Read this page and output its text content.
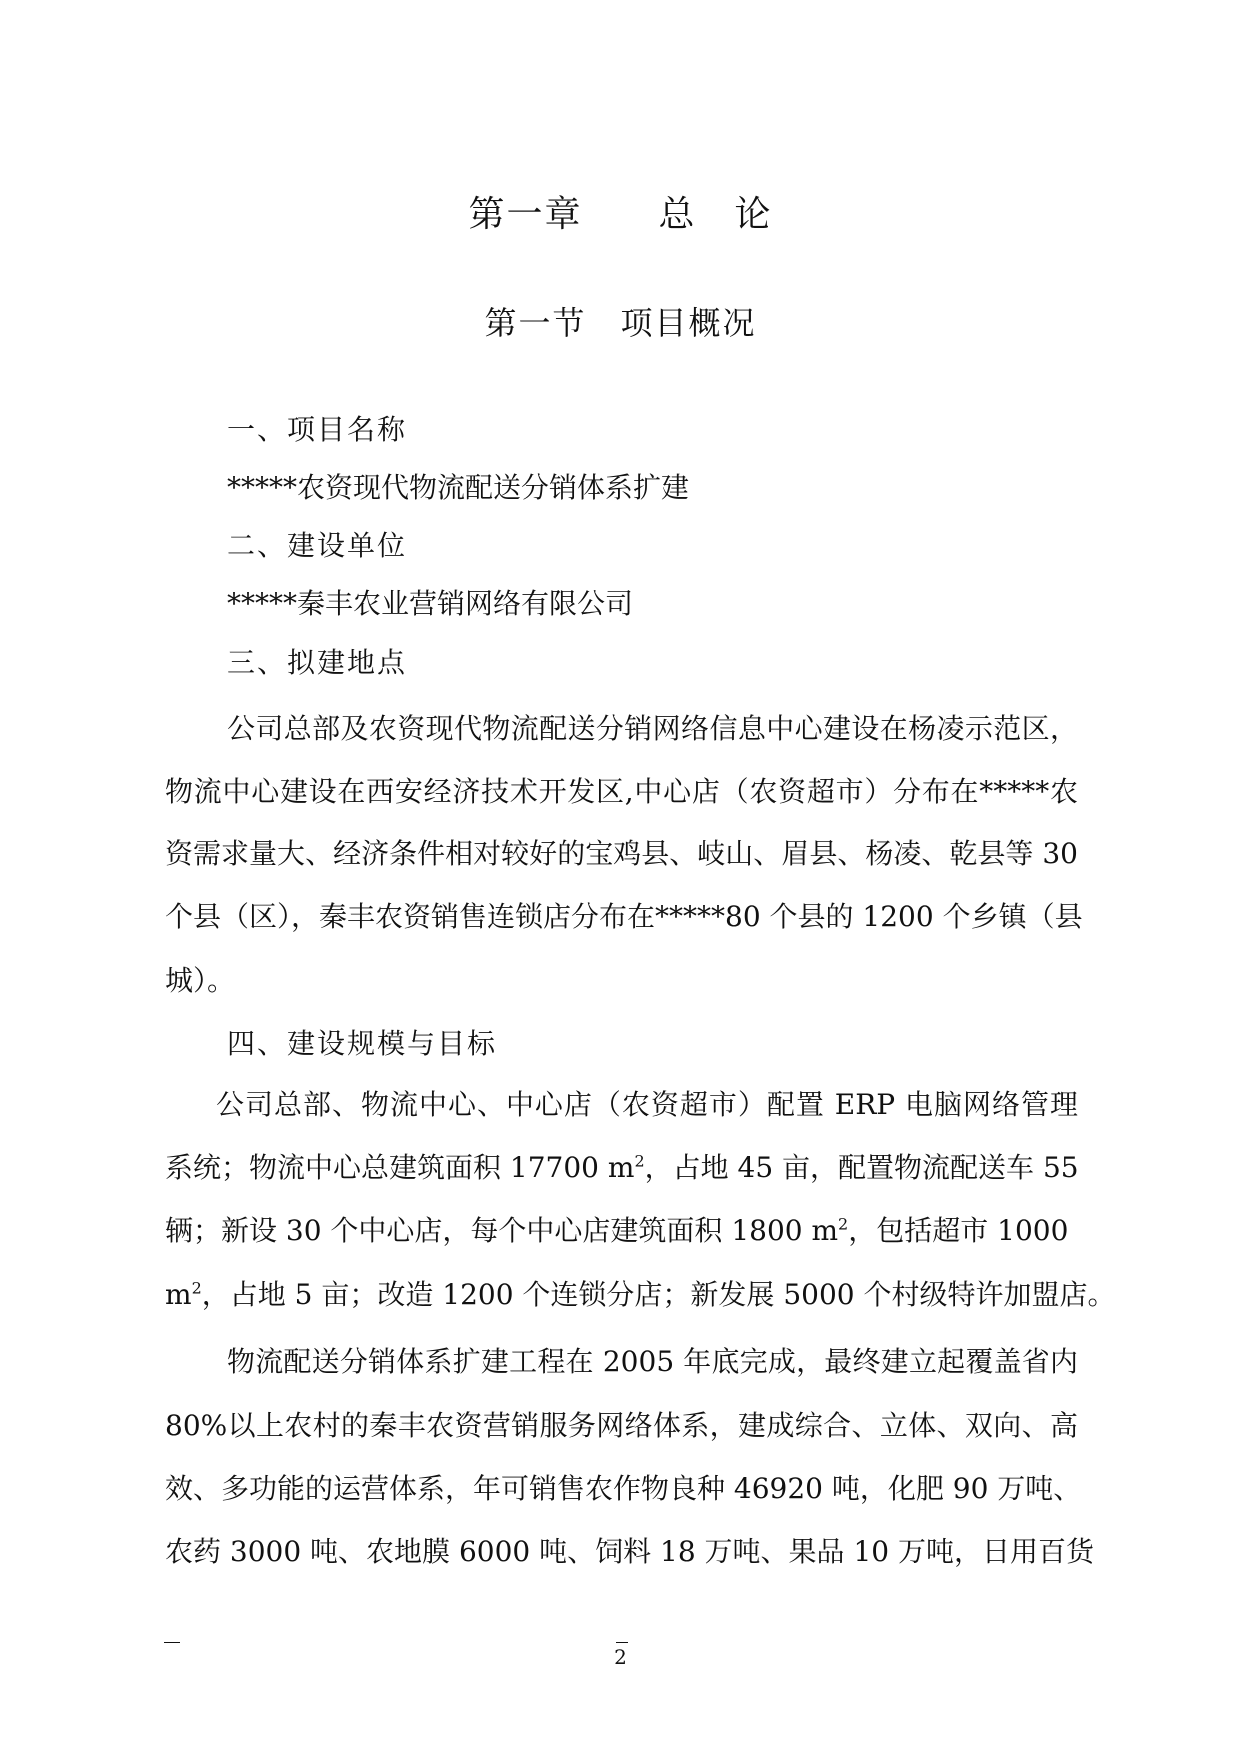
第一章　　总　论
第一节　项目概况
一、项目名称
*****农资现代物流配送分销体系扩建
二、建设单位
*****秦丰农业营销网络有限公司
三、拟建地点
公司总部及农资现代物流配送分销网络信息中心建设在杨凌示范区，
物流中心建设在西安经济技术开发区,中心店（农资超市）分布在*****农
资需求量大、经济条件相对较好的宝鸡县、岐山、眉县、杨凌、乾县等 30
个县（区），秦丰农资销售连锁店分布在*****80 个县的 1200 个乡镇（县
城）。
四、建设规模与目标
公司总部、物流中心、中心店（农资超市）配置 ERP 电脑网络管理
系统；物流中心总建筑面积 17700 $m^2$，占地 45 亩，配置物流配送车 55
辆；新设 30 个中心店，每个中心店建筑面积 1800 $m^2$，包括超市 1000
$m^2$，占地 5 亩；改造 1200 个连锁分店；新发展 5000 个村级特许加盟店。
物流配送分销体系扩建工程在 2005 年底完成，最终建立起覆盖省内
80%以上农村的秦丰农资营销服务网络体系，建成综合、立体、双向、高
效、多功能的运营体系，年可销售农作物良种 46920 吨，化肥 90 万吨、
农药 3000 吨、农地膜 6000 吨、饲料 18 万吨、果品 10 万吨，日用百货
2
